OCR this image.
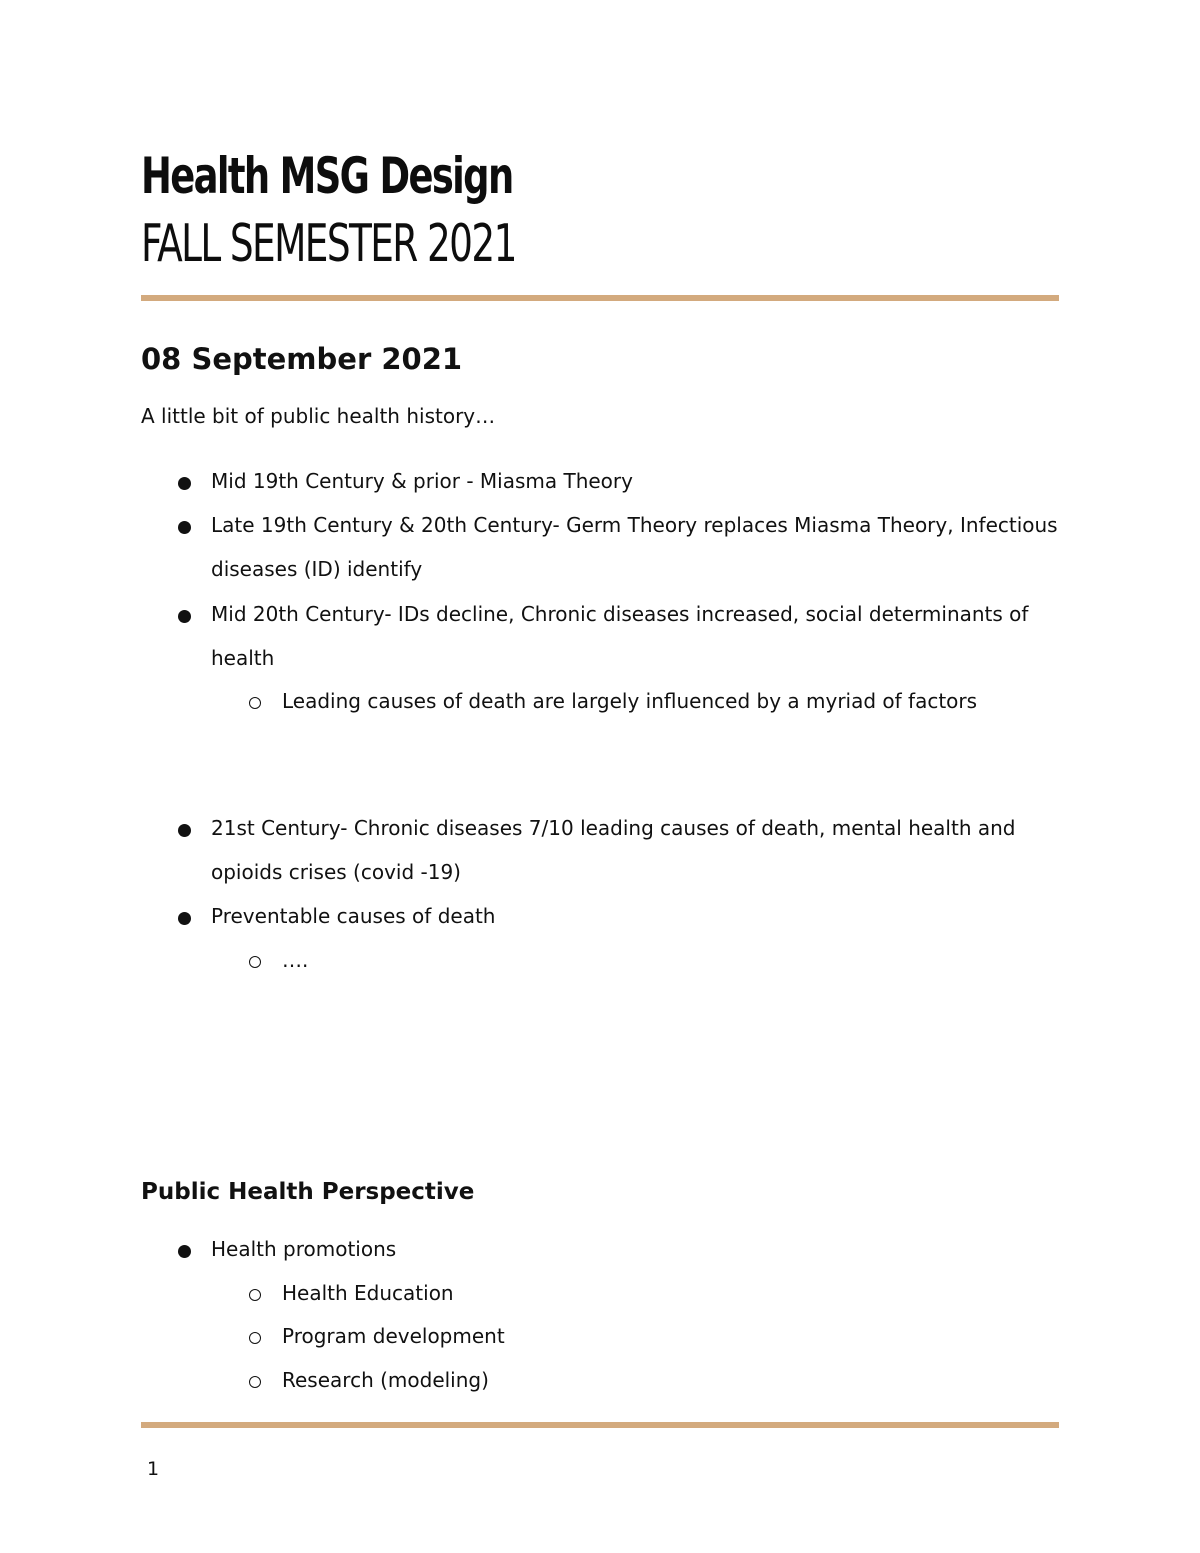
Health MSG Design
FALL SEMESTER 2021
08 September 2021
A little bit of public health history…
Mid 19th Century & prior - Miasma Theory
Late 19th Century & 20th Century- Germ Theory replaces Miasma Theory, Infectious diseases (ID) identify
Mid 20th Century- IDs decline, Chronic diseases increased, social determinants of health
Leading causes of death are largely influenced by a myriad of factors
21st Century- Chronic diseases 7/10 leading causes of death, mental health and opioids crises (covid -19)
Preventable causes of death
….
Public Health Perspective
Health promotions
Health Education
Program development
Research (modeling)
1
